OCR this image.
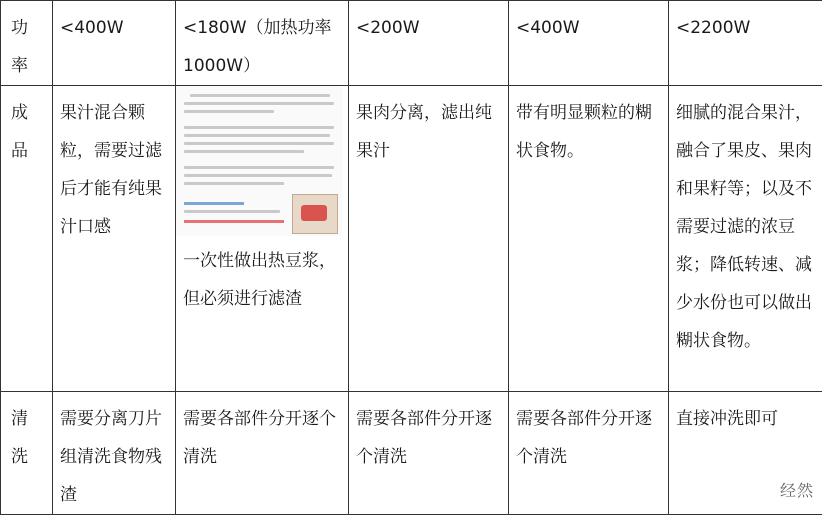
功
率	<400W	<180W（加热功率1000W）	<200W	<400W	<2200W

成
品	果汁混合颗粒，需要过滤后才能有纯果汁口感	一次性做出热豆浆，但必须进行滤渣	果肉分离，滤出纯果汁	带有明显颗粒的糊状食物。	细腻的混合果汁，融合了果皮、果肉和果籽等；以及不需要过滤的浓豆浆；降低转速、减少水份也可以做出糊状食物。

清
洗	需要分离刀片组清洗食物残渣	需要各部件分开逐个清洗	需要各部件分开逐个清洗	需要各部件分开逐个清洗	直接冲洗即可
经然
